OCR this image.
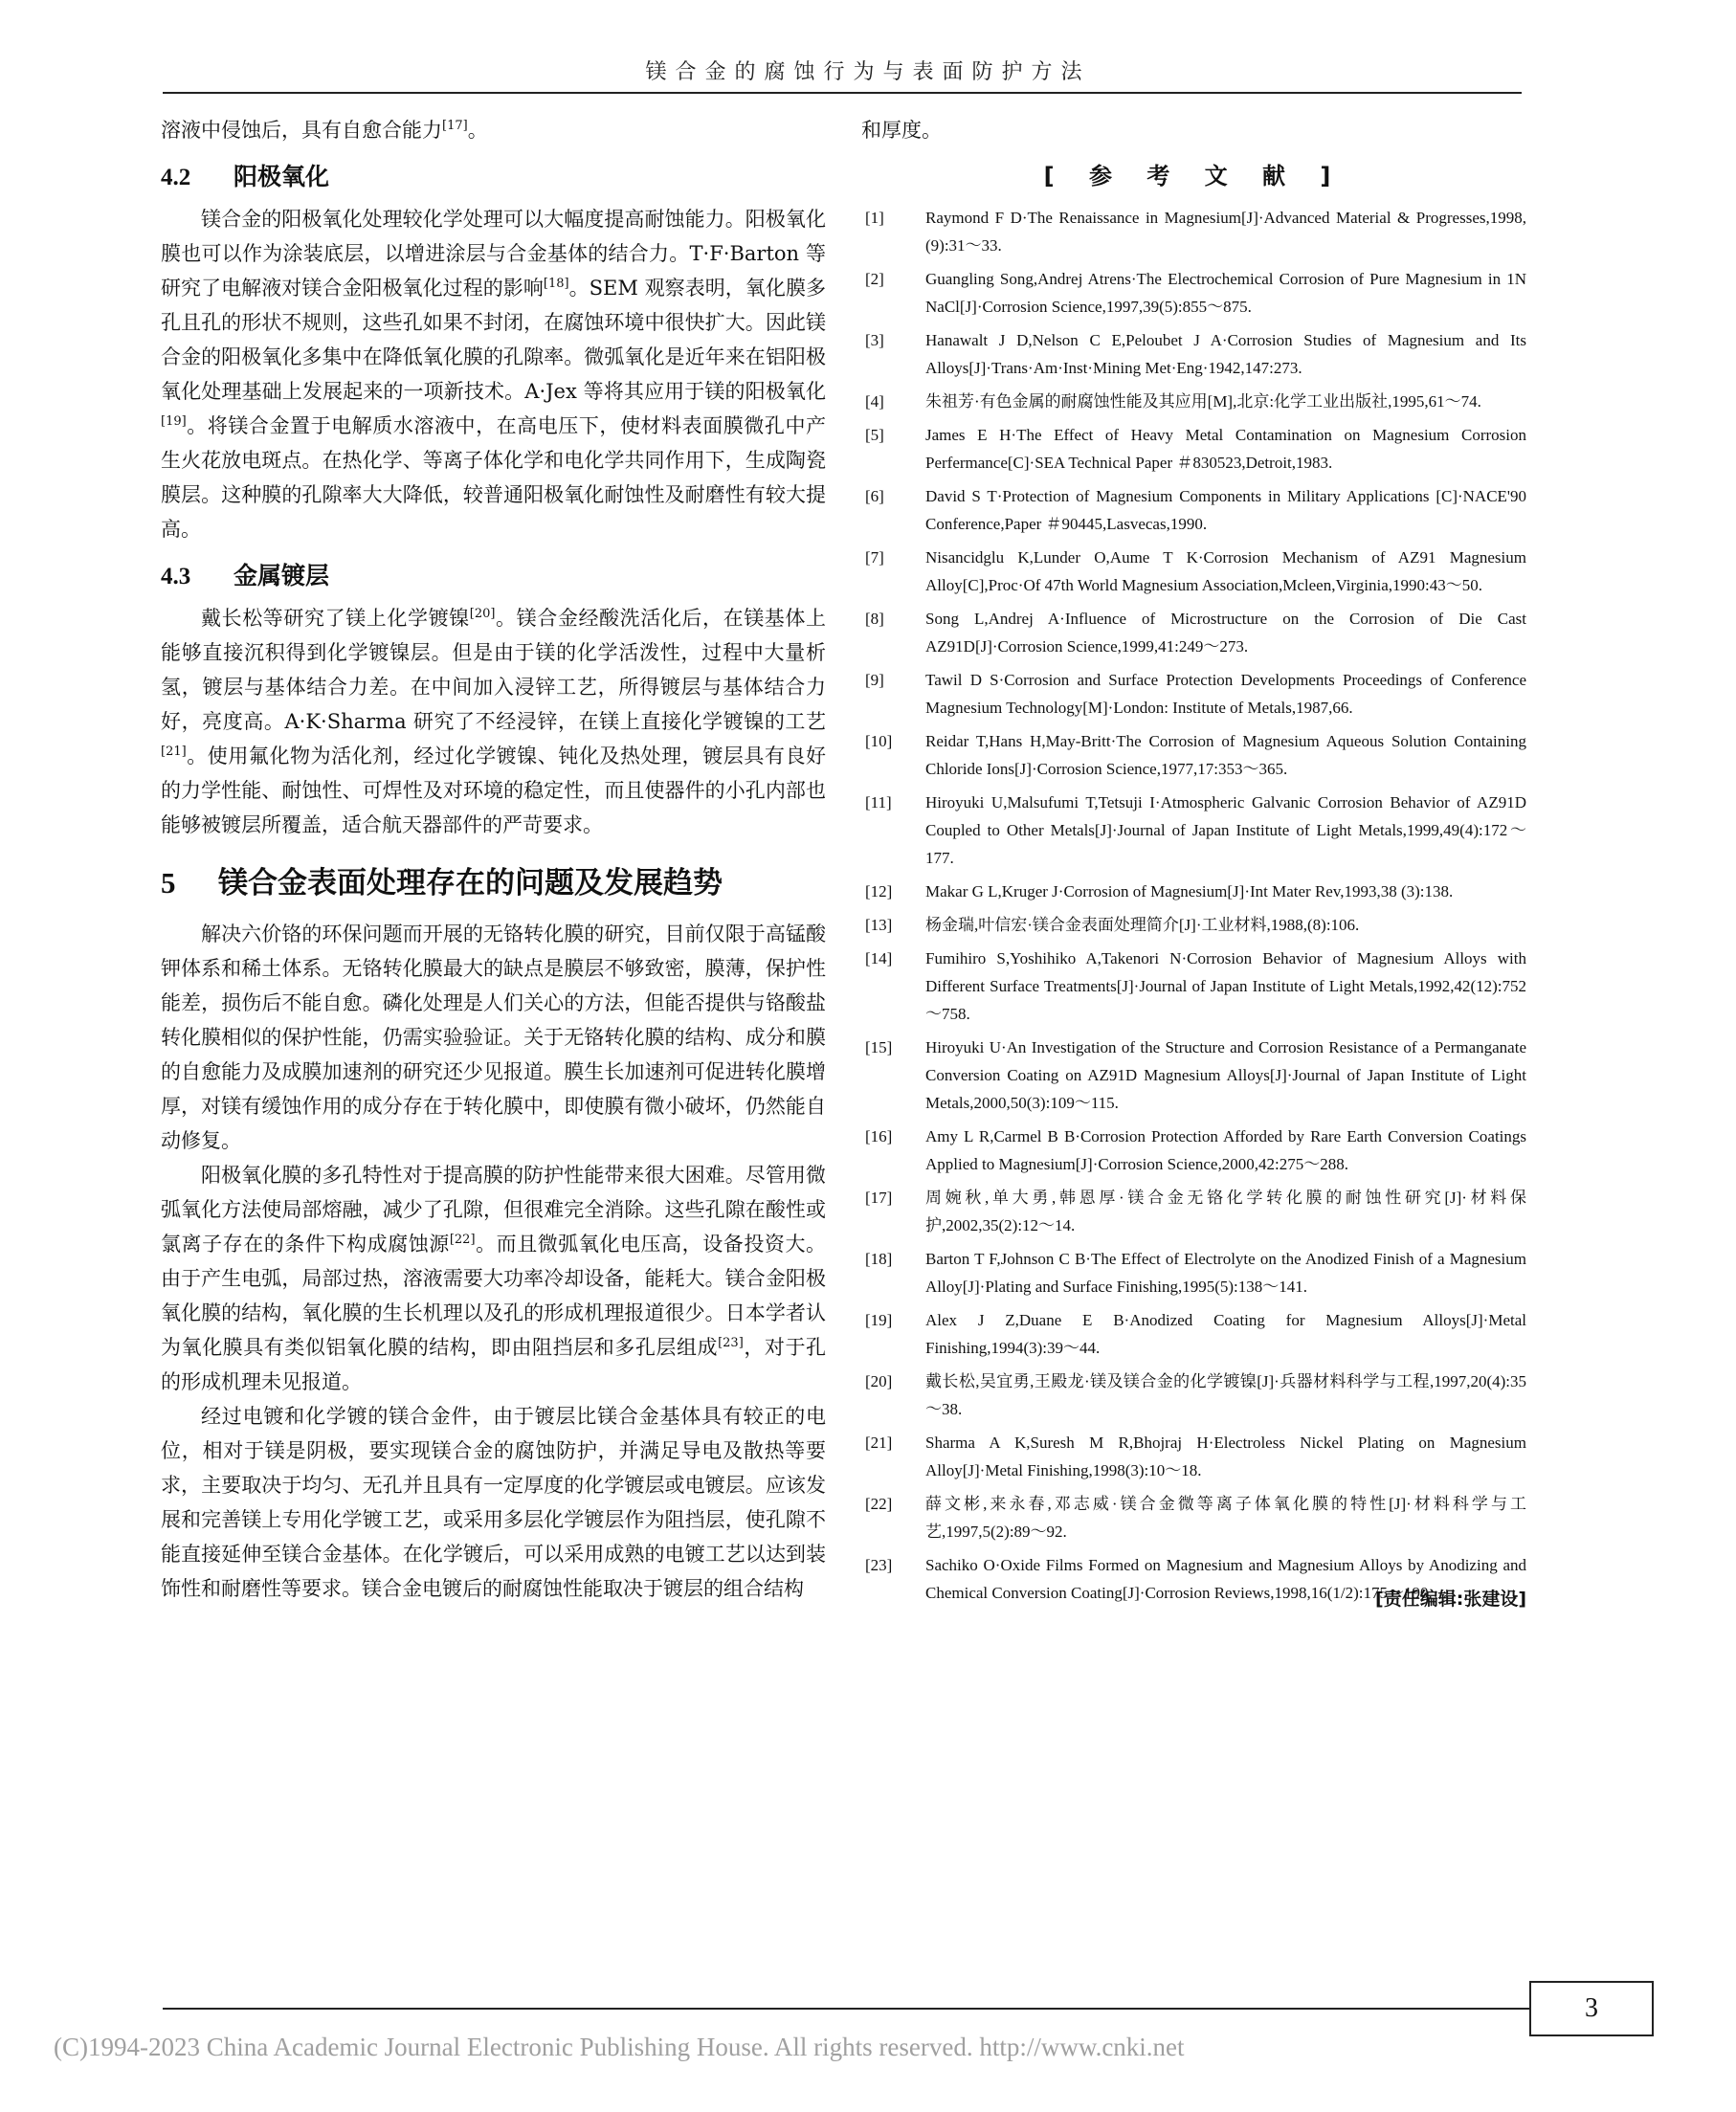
镁合金的腐蚀行为与表面防护方法

溶液中侵蚀后，具有自愈合能力[17]。

4.2 阳极氧化

镁合金的阳极氧化处理较化学处理可以大幅度提高耐蚀能力。阳极氧化膜也可以作为涂装底层，以增进涂层与合金基体的结合力。T·F·Barton 等研究了电解液对镁合金阳极氧化过程的影响[18]。SEM 观察表明，氧化膜多孔且孔的形状不规则，这些孔如果不封闭，在腐蚀环境中很快扩大。因此镁合金的阳极氧化多集中在降低氧化膜的孔隙率。微弧氧化是近年来在铝阳极氧化处理基础上发展起来的一项新技术。A·Jex 等将其应用于镁的阳极氧化[19]。将镁合金置于电解质水溶液中，在高电压下，使材料表面膜微孔中产生火花放电斑点。在热化学、等离子体化学和电化学共同作用下，生成陶瓷膜层。这种膜的孔隙率大大降低，较普通阳极氧化耐蚀性及耐磨性有较大提高。

4.3 金属镀层

戴长松等研究了镁上化学镀镍[20]。镁合金经酸洗活化后，在镁基体上能够直接沉积得到化学镀镍层。但是由于镁的化学活泼性，过程中大量析氢，镀层与基体结合力差。在中间加入浸锌工艺，所得镀层与基体结合力好，亮度高。A·K·Sharma 研究了不经浸锌，在镁上直接化学镀镍的工艺[21]。使用氟化物为活化剂，经过化学镀镍、钝化及热处理，镀层具有良好的力学性能、耐蚀性、可焊性及对环境的稳定性，而且使器件的小孔内部也能够被镀层所覆盖，适合航天器部件的严苛要求。

5 镁合金表面处理存在的问题及发展趋势

解决六价铬的环保问题而开展的无铬转化膜的研究，目前仅限于高锰酸钾体系和稀土体系。无铬转化膜最大的缺点是膜层不够致密，膜薄，保护性能差，损伤后不能自愈。磷化处理是人们关心的方法，但能否提供与铬酸盐转化膜相似的保护性能，仍需实验验证。关于无铬转化膜的结构、成分和膜的自愈能力及成膜加速剂的研究还少见报道。膜生长加速剂可促进转化膜增厚，对镁有缓蚀作用的成分存在于转化膜中，即使膜有微小破坏，仍然能自动修复。

阳极氧化膜的多孔特性对于提高膜的防护性能带来很大困难。尽管用微弧氧化方法使局部熔融，减少了孔隙，但很难完全消除。这些孔隙在酸性或氯离子存在的条件下构成腐蚀源[22]。而且微弧氧化电压高，设备投资大。由于产生电弧，局部过热，溶液需要大功率冷却设备，能耗大。镁合金阳极氧化膜的结构，氧化膜的生长机理以及孔的形成机理报道很少。日本学者认为氧化膜具有类似铝氧化膜的结构，即由阻挡层和多孔层组成[23]，对于孔的形成机理未见报道。

经过电镀和化学镀的镁合金件，由于镀层比镁合金基体具有较正的电位，相对于镁是阴极，要实现镁合金的腐蚀防护，并满足导电及散热等要求，主要取决于均匀、无孔并且具有一定厚度的化学镀层或电镀层。应该发展和完善镁上专用化学镀工艺，或采用多层化学镀层作为阻挡层，使孔隙不能直接延伸至镁合金基体。在化学镀后，可以采用成熟的电镀工艺以达到装饰性和耐磨性等要求。镁合金电镀后的耐腐蚀性能取决于镀层的组合结构

和厚度。

[ 参 考 文 献 ]
[1]	Raymond F D·The Renaissance in Magnesium[J]·Advanced Material & Progresses,1998,(9):31～33.
[2]	Guangling Song,Andrej Atrens·The Electrochemical Corrosion of Pure Magnesium in 1N NaCl[J]·Corrosion Science,1997,39(5):855～875.
[3]	Hanawalt J D,Nelson C E,Peloubet J A·Corrosion Studies of Magnesium and Its Alloys[J]·Trans·Am·Inst·Mining Met·Eng·1942,147:273.
[4]	朱祖芳·有色金属的耐腐蚀性能及其应用[M],北京:化学工业出版社,1995,61～74.
[5]	James E H·The Effect of Heavy Metal Contamination on Magnesium Corrosion Perfermance[C]·SEA Technical Paper ＃830523,Detroit,1983.
[6]	David S T·Protection of Magnesium Components in Military Applications [C]·NACE'90 Conference,Paper ＃90445,Lasvecas,1990.
[7]	Nisancidglu K,Lunder O,Aume T K·Corrosion Mechanism of AZ91 Magnesium Alloy[C],Proc·Of 47th World Magnesium Association,Mcleen,Virginia,1990:43～50.
[8]	Song L,Andrej A·Influence of Microstructure on the Corrosion of Die Cast AZ91D[J]·Corrosion Science,1999,41:249～273.
[9]	Tawil D S·Corrosion and Surface Protection Developments Proceedings of Conference Magnesium Technology[M]·London: Institute of Metals,1987,66.
[10] Reidar T,Hans H,May-Britt·The Corrosion of Magnesium Aqueous Solution Containing Chloride Ions[J]·Corrosion Science,1977,17:353～365.
[11] Hiroyuki U,Malsufumi T,Tetsuji I·Atmospheric Galvanic Corrosion Behavior of AZ91D Coupled to Other Metals[J]·Journal of Japan Institute of Light Metals,1999,49(4):172～177.
[12] Makar G L,Kruger J·Corrosion of Magnesium[J]·Int Mater Rev,1993,38 (3):138.
[13] 杨金瑞,叶信宏·镁合金表面处理简介[J]·工业材料,1988,(8):106.
[14] Fumihiro S,Yoshihiko A,Takenori N·Corrosion Behavior of Magnesium Alloys with Different Surface Treatments[J]·Journal of Japan Institute of Light Metals,1992,42(12):752～758.
[15] Hiroyuki U·An Investigation of the Structure and Corrosion Resistance of a Permanganate Conversion Coating on AZ91D Magnesium Alloys[J]·Journal of Japan Institute of Light Metals,2000,50(3):109～115.
[16] Amy L R,Carmel B B·Corrosion Protection Afforded by Rare Earth Conversion Coatings Applied to Magnesium[J]·Corrosion Science,2000,42:275～288.
[17] 周婉秋,单大勇,韩恩厚·镁合金无铬化学转化膜的耐蚀性研究[J]·材料保护,2002,35(2):12～14.
[18] Barton T F,Johnson C B·The Effect of Electrolyte on the Anodized Finish of a Magnesium Alloy[J]·Plating and Surface Finishing,1995(5):138～141.
[19] Alex J Z,Duane E B·Anodized Coating for Magnesium Alloys[J]·Metal Finishing,1994(3):39～44.
[20] 戴长松,吴宜勇,王殿龙·镁及镁合金的化学镀镍[J]·兵器材料科学与工程,1997,20(4):35～38.
[21] Sharma A K,Suresh M R,Bhojraj H·Electroless Nickel Plating on Magnesium Alloy[J]·Metal Finishing,1998(3):10～18.
[22] 薛文彬,来永春,邓志威·镁合金微等离子体氧化膜的特性[J]·材料科学与工艺,1997,5(2):89～92.
[23] Sachiko O·Oxide Films Formed on Magnesium and Magnesium Alloys by Anodizing and Chemical Conversion Coating[J]·Corrosion Reviews,1998,16(1/2):175～190.
[责任编辑:张建设]
3
(C)1994-2023 China Academic Journal Electronic Publishing House. All rights reserved. http://www.cnki.net
